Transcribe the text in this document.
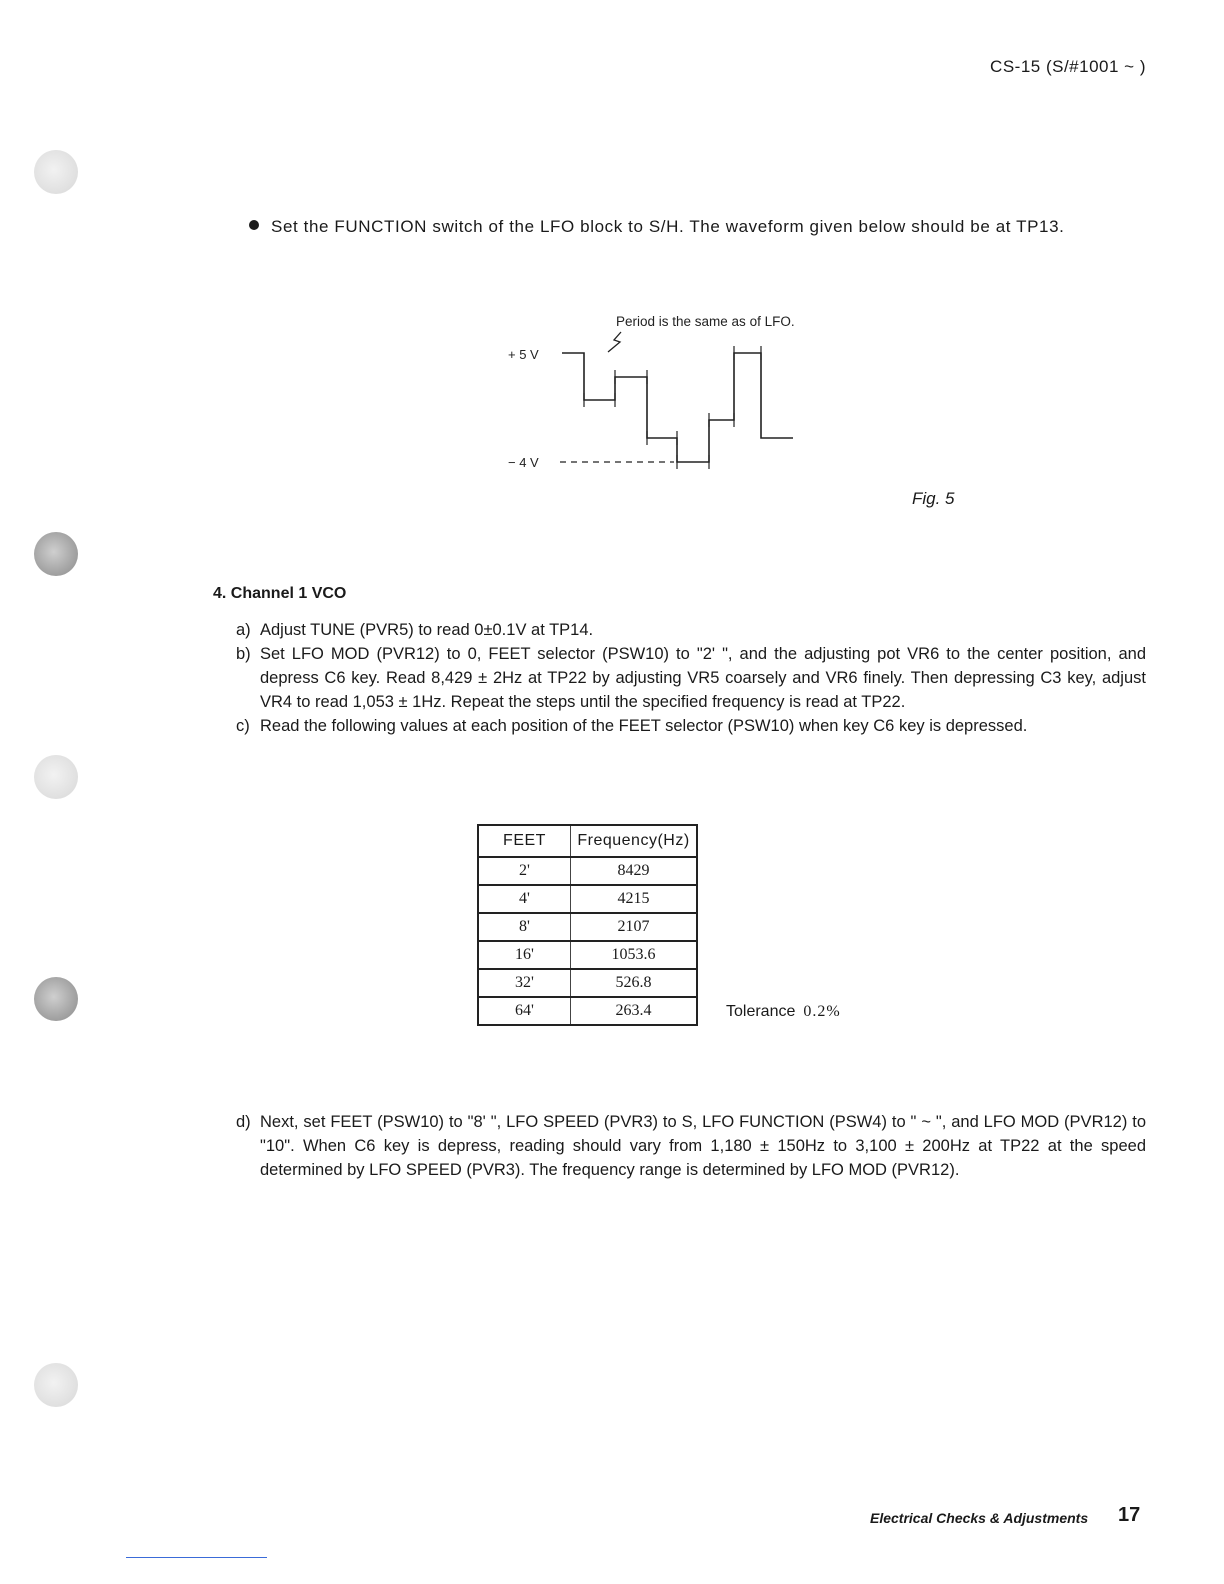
CS-15 (S/#1001 ~ )
Set the FUNCTION switch of the LFO block to S/H. The waveform given below should be at TP13.
Period is the same as of LFO.
+ 5 V
− 4 V
Fig. 5
4. Channel 1 VCO
a) Adjust TUNE (PVR5) to read 0±0.1V at TP14.
b) Set LFO MOD (PVR12) to 0, FEET selector (PSW10) to "2' ", and the adjusting pot VR6 to the center position, and depress C6 key. Read 8,429 ± 2Hz at TP22 by adjusting VR5 coarsely and VR6 finely. Then depressing C3 key, adjust VR4 to read 1,053 ± 1Hz. Repeat the steps until the specified frequency is read at TP22.
c) Read the following values at each position of the FEET selector (PSW10) when key C6 key is depressed.
FEET	Frequency(Hz)
2'	8429
4'	4215
8'	2107
16'	1053.6
32'	526.8
64'	263.4	Tolerance 0.2%
d) Next, set FEET (PSW10) to "8' ", LFO SPEED (PVR3) to S, LFO FUNCTION (PSW4) to " ~ ", and LFO MOD (PVR12) to "10". When C6 key is depress, reading should vary from 1,180 ± 150Hz to 3,100 ± 200Hz at TP22 at the speed determined by LFO SPEED (PVR3). The frequency range is determined by LFO MOD (PVR12).
Electrical Checks & Adjustments 17
